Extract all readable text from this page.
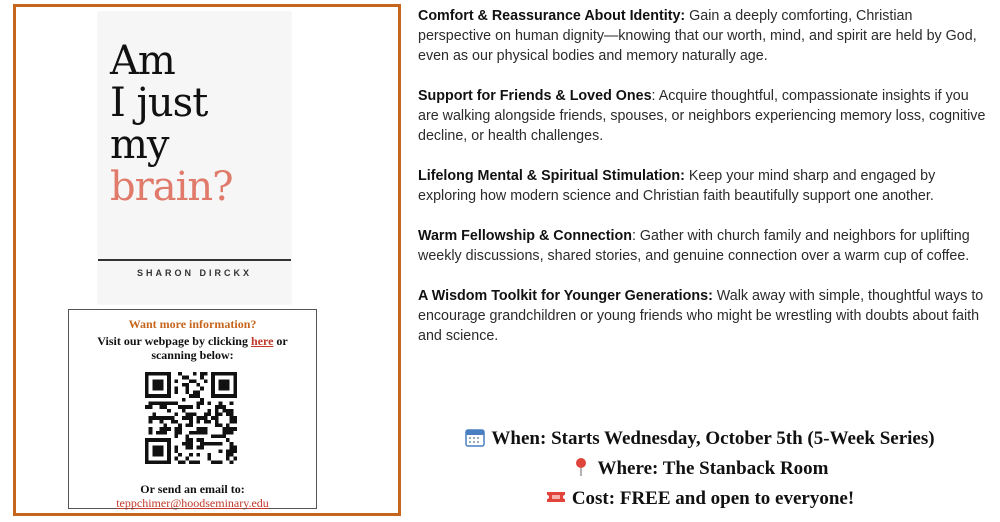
Am
I just
my
brain?
SHARON DIRCKX
Want more information?
Visit our webpage by clicking here or scanning below:
Or send an email to:
teppchimer@hoodseminary.edu

Comfort & Reassurance About Identity: Gain a deeply comforting, Christian perspective on human dignity—knowing that our worth, mind, and spirit are held by God, even as our physical bodies and memory naturally age.

Support for Friends & Loved Ones: Acquire thoughtful, compassionate insights if you are walking alongside friends, spouses, or neighbors experiencing memory loss, cognitive decline, or health challenges.

Lifelong Mental & Spiritual Stimulation: Keep your mind sharp and engaged by exploring how modern science and Christian faith beautifully support one another.

Warm Fellowship & Connection: Gather with church family and neighbors for uplifting weekly discussions, shared stories, and genuine connection over a warm cup of coffee.

A Wisdom Toolkit for Younger Generations: Walk away with simple, thoughtful ways to encourage grandchildren or young friends who might be wrestling with doubts about faith and science.

When: Starts Wednesday, October 5th (5-Week Series)
Where: The Stanback Room
Cost: FREE and open to everyone!
